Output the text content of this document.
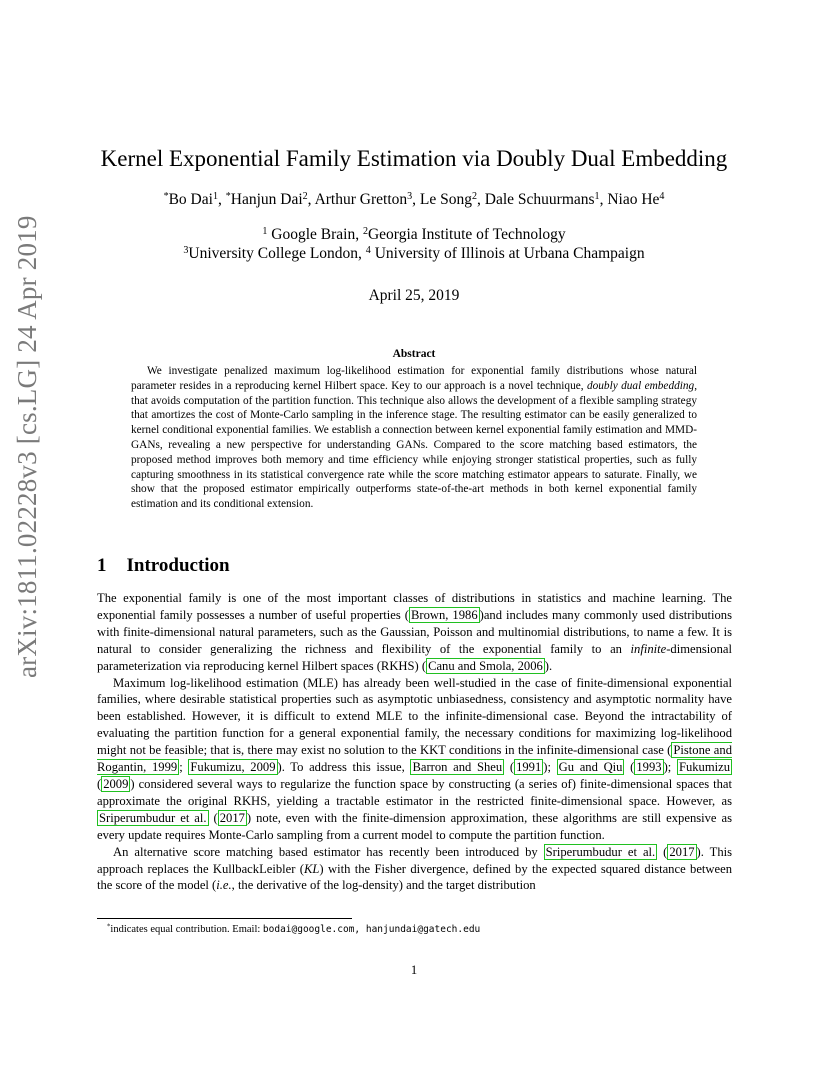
arXiv:1811.02228v3 [cs.LG] 24 Apr 2019
Kernel Exponential Family Estimation via Doubly Dual Embedding
*Bo Dai$^1$, *Hanjun Dai$^2$, Arthur Gretton$^3$, Le Song$^2$, Dale Schuurmans$^1$, Niao He$^4$
$^1$ Google Brain, $^2$Georgia Institute of Technology
$^3$University College London, $^4$ University of Illinois at Urbana Champaign
April 25, 2019
Abstract
We investigate penalized maximum log-likelihood estimation for exponential family distributions whose natural parameter resides in a reproducing kernel Hilbert space. Key to our approach is a novel technique, doubly dual embedding, that avoids computation of the partition function. This technique also allows the development of a flexible sampling strategy that amortizes the cost of Monte-Carlo sampling in the inference stage. The resulting estimator can be easily generalized to kernel conditional exponential families. We establish a connection between kernel exponential family estimation and MMD-GANs, revealing a new perspective for understanding GANs. Compared to the score matching based estimators, the proposed method improves both memory and time efficiency while enjoying stronger statistical properties, such as fully capturing smoothness in its statistical convergence rate while the score matching estimator appears to saturate. Finally, we show that the proposed estimator empirically outperforms state-of-the-art methods in both kernel exponential family estimation and its conditional extension.
1 Introduction

The exponential family is one of the most important classes of distributions in statistics and machine learning. The exponential family possesses a number of useful properties ( Brown, 1986 )and includes many commonly used distributions with finite-dimensional natural parameters, such as the Gaussian, Poisson and multinomial distributions, to name a few. It is natural to consider generalizing the richness and flexibility of the exponential family to an infinite-dimensional parameterization via reproducing kernel Hilbert spaces (RKHS) ( Canu and Smola, 2006 ).

Maximum log-likelihood estimation (MLE) has already been well-studied in the case of finite-dimensional exponential families, where desirable statistical properties such as asymptotic unbiasedness, consistency and asymptotic normality have been established. However, it is difficult to extend MLE to the infinite-dimensional case. Beyond the intractability of evaluating the partition function for a general exponential family, the necessary conditions for maximizing log-likelihood might not be feasible; that is, there may exist no solution to the KKT conditions in the infinite-dimensional case ( Pistone and Rogantin, 1999 ; Fukumizu, 2009 ). To address this issue, Barron and Sheu ( 1991 ); Gu and Qiu ( 1993 ); Fukumizu ( 2009 ) considered several ways to regularize the function space by constructing (a series of) finite-dimensional spaces that approximate the original RKHS, yielding a tractable estimator in the restricted finite-dimensional space. However, as Sriperumbudur et al. ( 2017 ) note, even with the finite-dimension approximation, these algorithms are still expensive as every update requires Monte-Carlo sampling from a current model to compute the partition function.

An alternative score matching based estimator has recently been introduced by Sriperumbudur et al. ( 2017 ). This approach replaces the KullbackLeibler (KL) with the Fisher divergence, defined by the expected squared distance between the score of the model (i.e., the derivative of the log-density) and the target distribution

*indicates equal contribution. Email: bodai@google.com, hanjundai@gatech.edu
1
